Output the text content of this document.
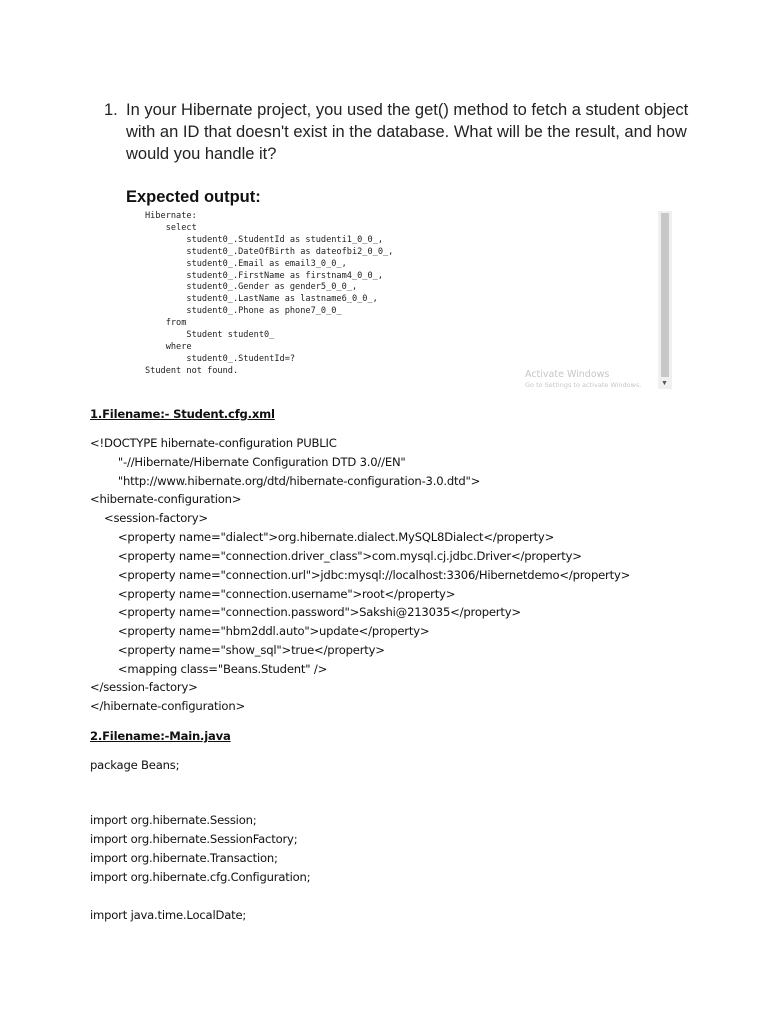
1. In your Hibernate project, you used the get() method to fetch a student object with an ID that doesn't exist in the database. What will be the result, and how would you handle it?
Expected output:
Hibernate:
select
student0_.StudentId as studenti1_0_0_,
student0_.DateOfBirth as dateofbi2_0_0_,
student0_.Email as email3_0_0_,
student0_.FirstName as firstnam4_0_0_,
student0_.Gender as gender5_0_0_,
student0_.LastName as lastname6_0_0_,
student0_.Phone as phone7_0_0_
from
Student student0_
where
student0_.StudentId=?
Student not found.	Activate Windows
Go to Settings to activate Windows.	▼
1.Filename:- Student.cfg.xml
<!DOCTYPE hibernate-configuration PUBLIC
"-//Hibernate/Hibernate Configuration DTD 3.0//EN"
"http://www.hibernate.org/dtd/hibernate-configuration-3.0.dtd">
<hibernate-configuration>
<session-factory>
<property name="dialect">org.hibernate.dialect.MySQL8Dialect</property>
<property name="connection.driver_class">com.mysql.cj.jdbc.Driver</property>
<property name="connection.url">jdbc:mysql://localhost:3306/Hibernetdemo</property>
<property name="connection.username">root</property>
<property name="connection.password">Sakshi@213035</property>
<property name="hbm2ddl.auto">update</property>
<property name="show_sql">true</property>
<mapping class="Beans.Student" />
</session-factory>
</hibernate-configuration>
2.Filename:-Main.java
package Beans;
import org.hibernate.Session;
import org.hibernate.SessionFactory;
import org.hibernate.Transaction;
import org.hibernate.cfg.Configuration;
import java.time.LocalDate;
